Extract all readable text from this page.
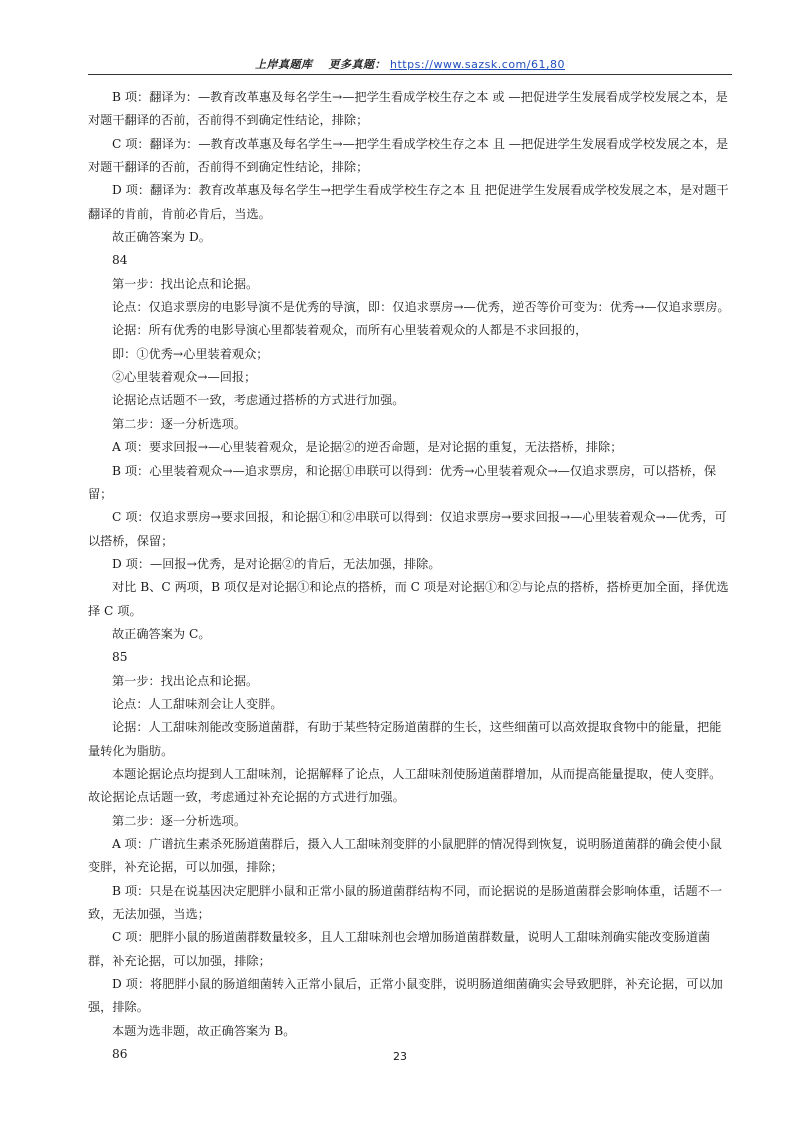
上岸真题库 更多真题： https://www.sazsk.com/61,80

B 项：翻译为：—教育改革惠及每名学生→—把学生看成学校生存之本 或 —把促进学生发展看成学校发展之本，是对题干翻译的否前，否前得不到确定性结论，排除；

C 项：翻译为：—教育改革惠及每名学生→—把学生看成学校生存之本 且 —把促进学生发展看成学校发展之本，是对题干翻译的否前，否前得不到确定性结论，排除；

D 项：翻译为：教育改革惠及每名学生→把学生看成学校生存之本 且 把促进学生发展看成学校发展之本，是对题干翻译的肯前，肯前必肯后，当选。

故正确答案为 D。

84

第一步：找出论点和论据。

论点：仅追求票房的电影导演不是优秀的导演，即：仅追求票房→—优秀，逆否等价可变为：优秀→—仅追求票房。

论据：所有优秀的电影导演心里都装着观众，而所有心里装着观众的人都是不求回报的，

即：①优秀→心里装着观众；

②心里装着观众→—回报；

论据论点话题不一致，考虑通过搭桥的方式进行加强。

第二步：逐一分析选项。

A 项：要求回报→—心里装着观众，是论据②的逆否命题，是对论据的重复，无法搭桥，排除；

B 项：心里装着观众→—追求票房，和论据①串联可以得到：优秀→心里装着观众→—仅追求票房，可以搭桥，保留；

C 项：仅追求票房→要求回报，和论据①和②串联可以得到：仅追求票房→要求回报→—心里装着观众→—优秀，可以搭桥，保留；

D 项：—回报→优秀，是对论据②的肯后，无法加强，排除。

对比 B、C 两项，B 项仅是对论据①和论点的搭桥，而 C 项是对论据①和②与论点的搭桥，搭桥更加全面，择优选择 C 项。

故正确答案为 C。

85

第一步：找出论点和论据。

论点：人工甜味剂会让人变胖。

论据：人工甜味剂能改变肠道菌群，有助于某些特定肠道菌群的生长，这些细菌可以高效提取食物中的能量，把能量转化为脂肪。

本题论据论点均提到人工甜味剂，论据解释了论点，人工甜味剂使肠道菌群增加，从而提高能量提取，使人变胖。故论据论点话题一致，考虑通过补充论据的方式进行加强。

第二步：逐一分析选项。

A 项：广谱抗生素杀死肠道菌群后，摄入人工甜味剂变胖的小鼠肥胖的情况得到恢复，说明肠道菌群的确会使小鼠变胖，补充论据，可以加强，排除；

B 项：只是在说基因决定肥胖小鼠和正常小鼠的肠道菌群结构不同，而论据说的是肠道菌群会影响体重，话题不一致，无法加强，当选；

C 项：肥胖小鼠的肠道菌群数量较多，且人工甜味剂也会增加肠道菌群数量，说明人工甜味剂确实能改变肠道菌群，补充论据，可以加强，排除；

D 项：将肥胖小鼠的肠道细菌转入正常小鼠后，正常小鼠变胖，说明肠道细菌确实会导致肥胖，补充论据，可以加强，排除。

本题为选非题，故正确答案为 B。

86	23
